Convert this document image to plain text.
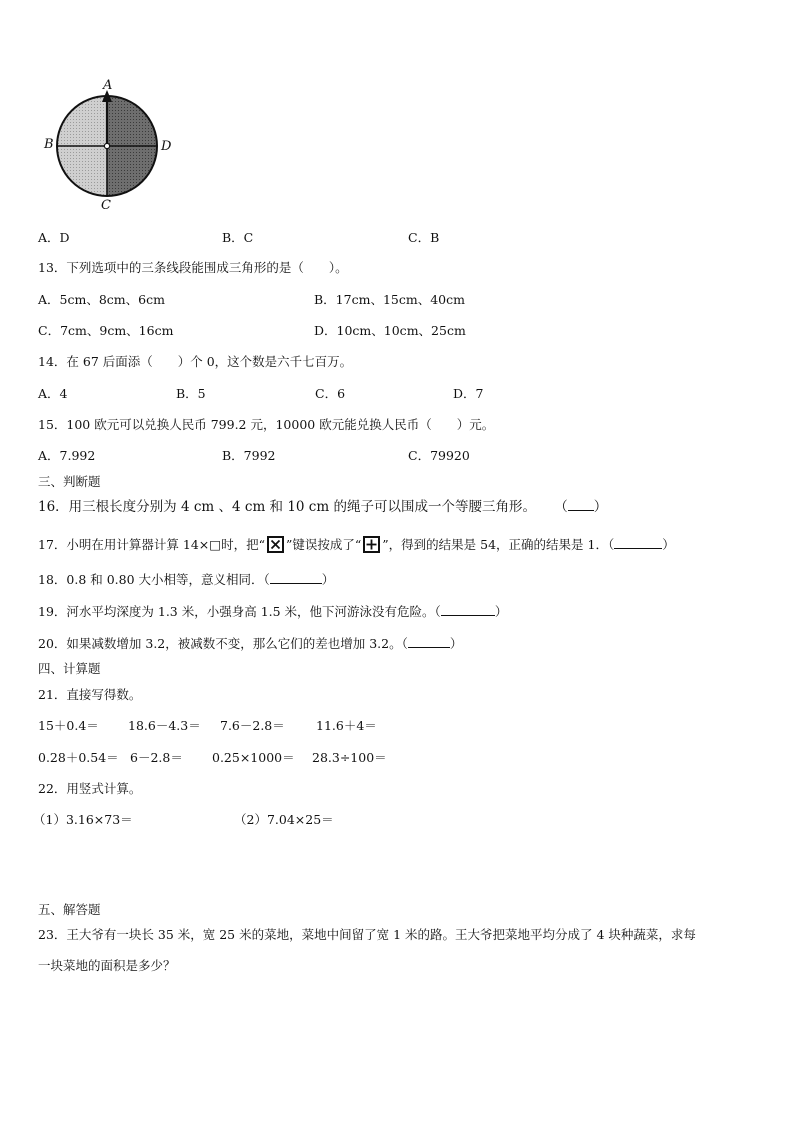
A
B	D
C
A．D	B．C	C．B
13．下列选项中的三条线段能围成三角形的是（　　）。
A．5cm、8cm、6cm	B．17cm、15cm、40cm
C．7cm、9cm、16cm	D．10cm、10cm、25cm
14．在 67 后面添（　　）个 0，这个数是六千七百万。
A．4	B．5	C．6	D．7
15．100 欧元可以兑换人民币 799.2 元，10000 欧元能兑换人民币（　　）元。
A．7.992	B．7992	C．79920
三、判断题
16．用三根长度分别为 4 cm 、4 cm 和 10 cm 的绳子可以围成一个等腰三角形。 （ ）
17．小明在用计算器计算 14×□时，把“ ”键误按成了“ ”，得到的结果是 54，正确的结果是 1．（	）
18．0.8 和 0.80 大小相等，意义相同．（	）
19．河水平均深度为 1.3 米，小强身高 1.5 米，他下河游泳没有危险。（	）
20．如果减数增加 3.2，被减数不变，那么它们的差也增加 3.2。（	）
四、计算题
21．直接写得数。
15＋0.4＝ 18.6－4.3＝ 7.6－2.8＝ 11.6＋4＝
0.28＋0.54＝ 6－2.8＝ 0.25×1000＝ 28.3÷100＝
22．用竖式计算。
（1）3.16×73＝	（2）7.04×25＝
五、解答题
23．王大爷有一块长 35 米，宽 25 米的菜地，菜地中间留了宽 1 米的路。王大爷把菜地平均分成了 4 块种蔬菜，求每
一块菜地的面积是多少？
